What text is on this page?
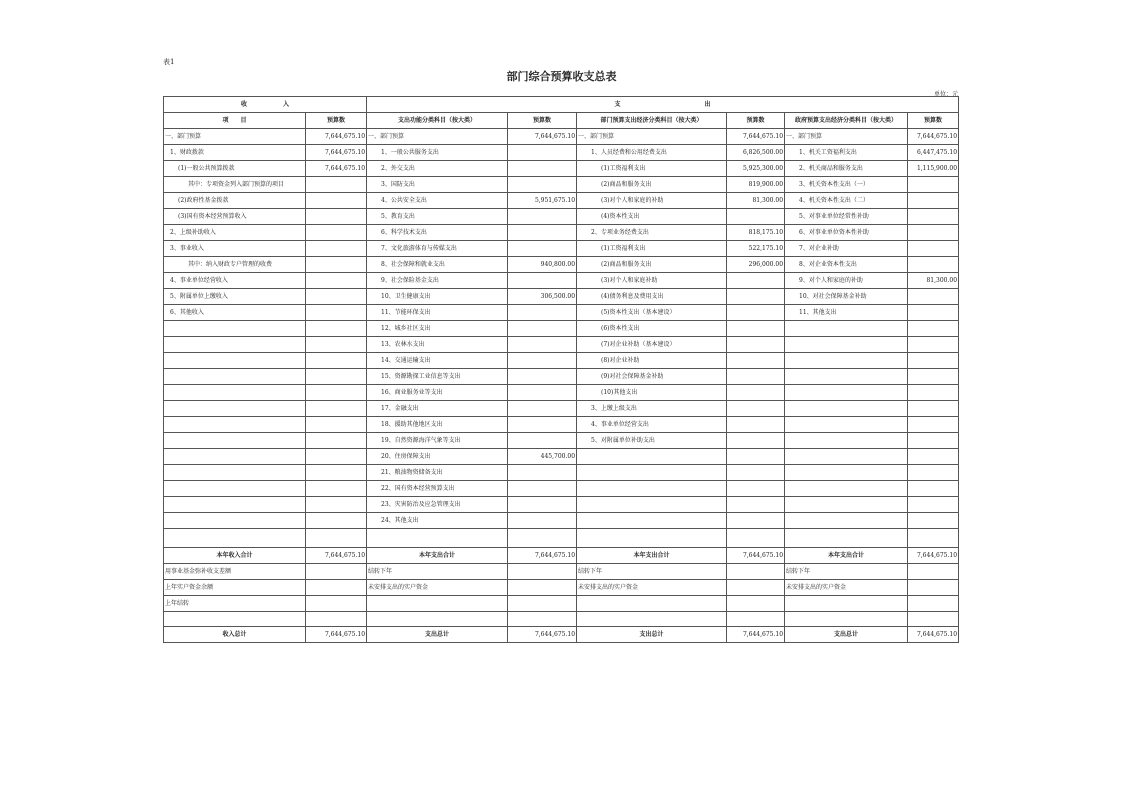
表1
部门综合预算收支总表
单位：元
收　　　　　　入		支　　　　　　　　　　　　　　出					
项　　目	预算数	支出功能分类科目（按大类）	预算数	部门预算支出经济分类科目（按大类）	预算数	政府预算支出经济分类科目（按大类）	预算数
一、部门预算	7,644,675.10	一、部门预算	7,644,675.10	一、部门预算	7,644,675.10	一、部门预算	7,644,675.10
1、财政拨款	7,644,675.10	1、一般公共服务支出		1、人员经费和公用经费支出	6,826,500.00	1、机关工资福利支出	6,447,475.10
(1)一般公共预算拨款	7,644,675.10	2、外交支出		(1)工资福利支出	5,925,300.00	2、机关商品和服务支出	1,115,900.00
其中：专项资金列入部门预算的项目		3、国防支出		(2)商品和服务支出	819,900.00	3、机关资本性支出（一）	
(2)政府性基金拨款		4、公共安全支出	5,951,675.10	(3)对个人和家庭的补助	81,300.00	4、机关资本性支出（二）	
(3)国有资本经营预算收入		5、教育支出		(4)资本性支出		5、对事业单位经常性补助	
2、上级补助收入		6、科学技术支出		2、专项业务经费支出	818,175.10	6、对事业单位资本性补助	
3、事业收入		7、文化旅游体育与传媒支出		(1)工资福利支出	522,175.10	7、对企业补助	
其中：纳入财政专户管理的收费		8、社会保障和就业支出	940,800.00	(2)商品和服务支出	296,000.00	8、对企业资本性支出	
4、事业单位经营收入		9、社会保险基金支出		(3)对个人和家庭补助		9、对个人和家庭的补助	81,300.00
5、附属单位上缴收入		10、卫生健康支出	306,500.00	(4)债务利息及费用支出		10、对社会保障基金补助	
6、其他收入		11、节能环保支出		(5)资本性支出（基本建设）		11、其他支出	
		12、城乡社区支出		(6)资本性支出			
		13、农林水支出		(7)对企业补助（基本建设）			
		14、交通运输支出		(8)对企业补助			
		15、资源勘探工业信息等支出		(9)对社会保障基金补助			
		16、商业服务业等支出		(10)其他支出			
		17、金融支出		3、上缴上级支出			
		18、援助其他地区支出		4、事业单位经营支出			
		19、自然资源海洋气象等支出		5、对附属单位补助支出			
		20、住房保障支出	445,700.00				
		21、粮油物资储备支出					
		22、国有资本经营预算支出					
		23、灾害防治及应急管理支出					
		24、其他支出					

本年收入合计	7,644,675.10	本年支出合计	7,644,675.10	本年支出合计	7,644,675.10	本年支出合计	7,644,675.10
用事业基金弥补收支差额		结转下年		结转下年		结转下年	
上年实户资金余额		未安排支出的实户资金		未安排支出的实户资金		未安排支出的实户资金	
上年结转							

收入总计	7,644,675.10	支出总计	7,644,675.10	支出总计	7,644,675.10	支出总计	7,644,675.10
